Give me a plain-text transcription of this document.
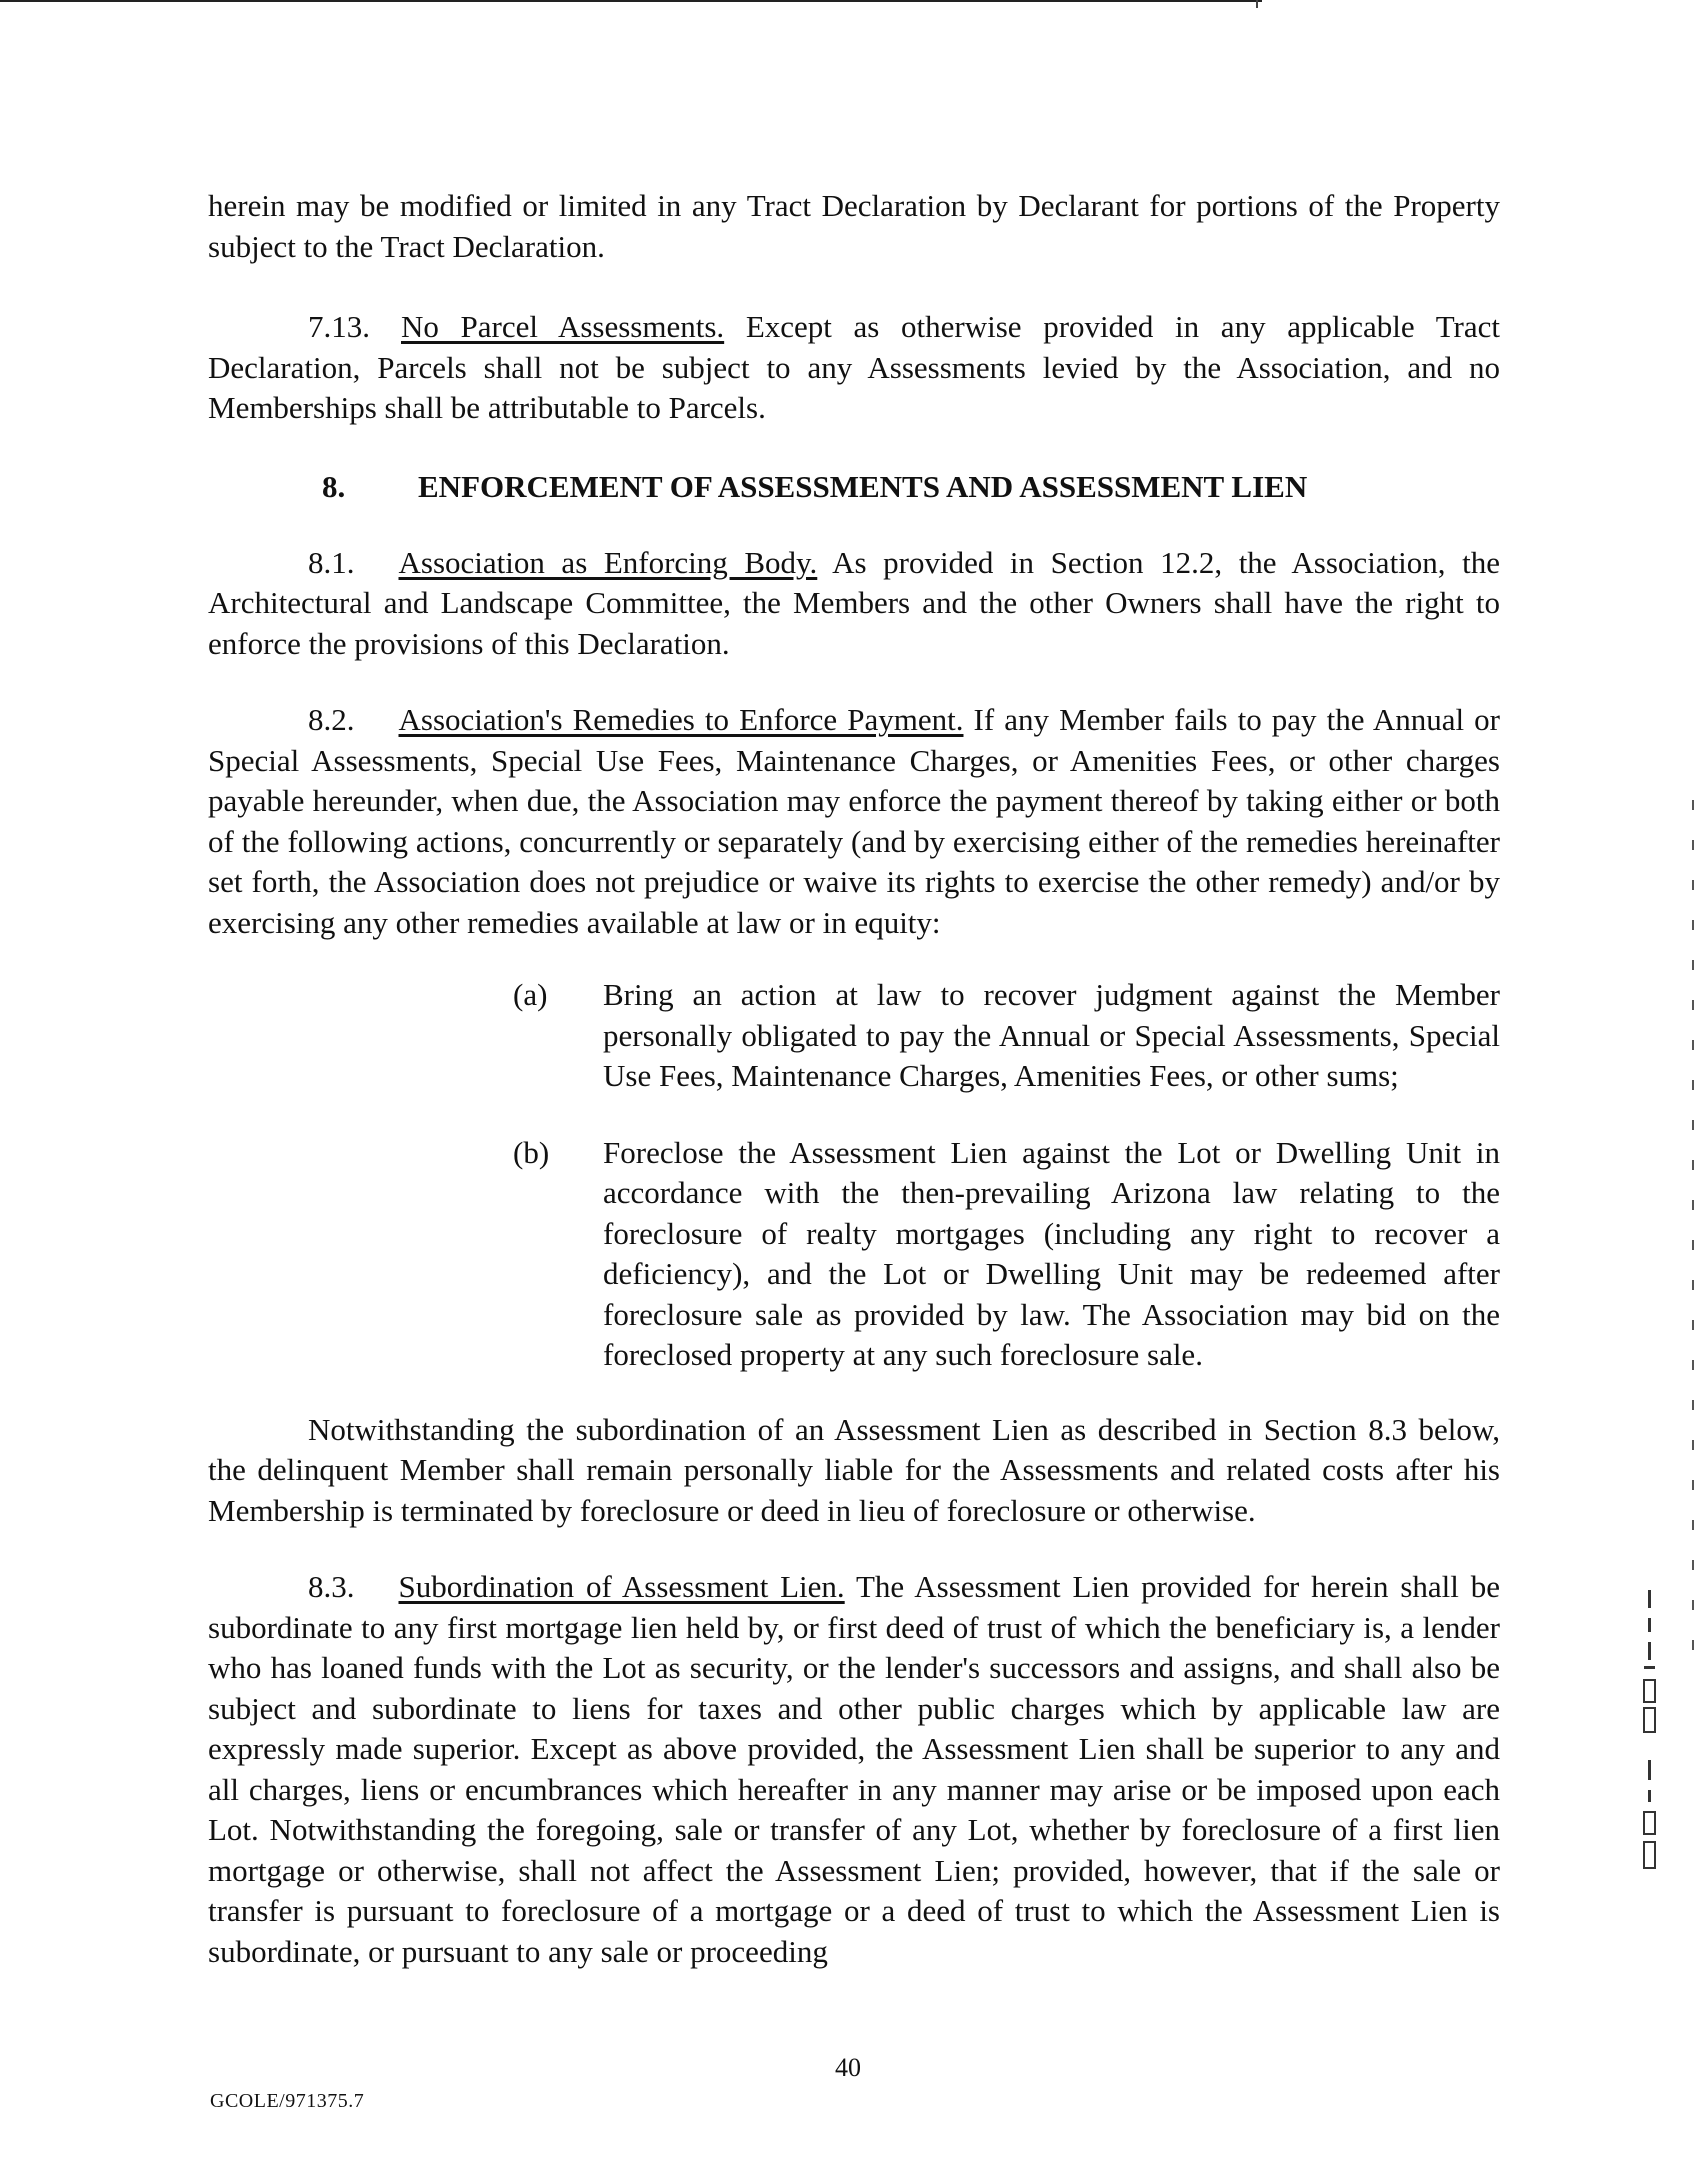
herein may be modified or limited in any Tract Declaration by Declarant for portions of the Property subject to the Tract Declaration.

7.13. No Parcel Assessments. Except as otherwise provided in any applicable Tract Declaration, Parcels shall not be subject to any Assessments levied by the Association, and no Memberships shall be attributable to Parcels.

8. ENFORCEMENT OF ASSESSMENTS AND ASSESSMENT LIEN

8.1. Association as Enforcing Body. As provided in Section 12.2, the Association, the Architectural and Landscape Committee, the Members and the other Owners shall have the right to enforce the provisions of this Declaration.

8.2. Association's Remedies to Enforce Payment. If any Member fails to pay the Annual or Special Assessments, Special Use Fees, Maintenance Charges, or Amenities Fees, or other charges payable hereunder, when due, the Association may enforce the payment thereof by taking either or both of the following actions, concurrently or separately (and by exercising either of the remedies hereinafter set forth, the Association does not prejudice or waive its rights to exercise the other remedy) and/or by exercising any other remedies available at law or in equity:

(a) Bring an action at law to recover judgment against the Member personally obligated to pay the Annual or Special Assessments, Special Use Fees, Maintenance Charges, Amenities Fees, or other sums;

(b) Foreclose the Assessment Lien against the Lot or Dwelling Unit in accordance with the then-prevailing Arizona law relating to the foreclosure of realty mortgages (including any right to recover a deficiency), and the Lot or Dwelling Unit may be redeemed after foreclosure sale as provided by law. The Association may bid on the foreclosed property at any such foreclosure sale.

Notwithstanding the subordination of an Assessment Lien as described in Section 8.3 below, the delinquent Member shall remain personally liable for the Assessments and related costs after his Membership is terminated by foreclosure or deed in lieu of foreclosure or otherwise.

8.3. Subordination of Assessment Lien. The Assessment Lien provided for herein shall be subordinate to any first mortgage lien held by, or first deed of trust of which the beneficiary is, a lender who has loaned funds with the Lot as security, or the lender's successors and assigns, and shall also be subject and subordinate to liens for taxes and other public charges which by applicable law are expressly made superior. Except as above provided, the Assessment Lien shall be superior to any and all charges, liens or encumbrances which hereafter in any manner may arise or be imposed upon each Lot. Notwithstanding the foregoing, sale or transfer of any Lot, whether by foreclosure of a first lien mortgage or otherwise, shall not affect the Assessment Lien; provided, however, that if the sale or transfer is pursuant to foreclosure of a mortgage or a deed of trust to which the Assessment Lien is subordinate, or pursuant to any sale or proceeding

40
GCOLE/971375.7
